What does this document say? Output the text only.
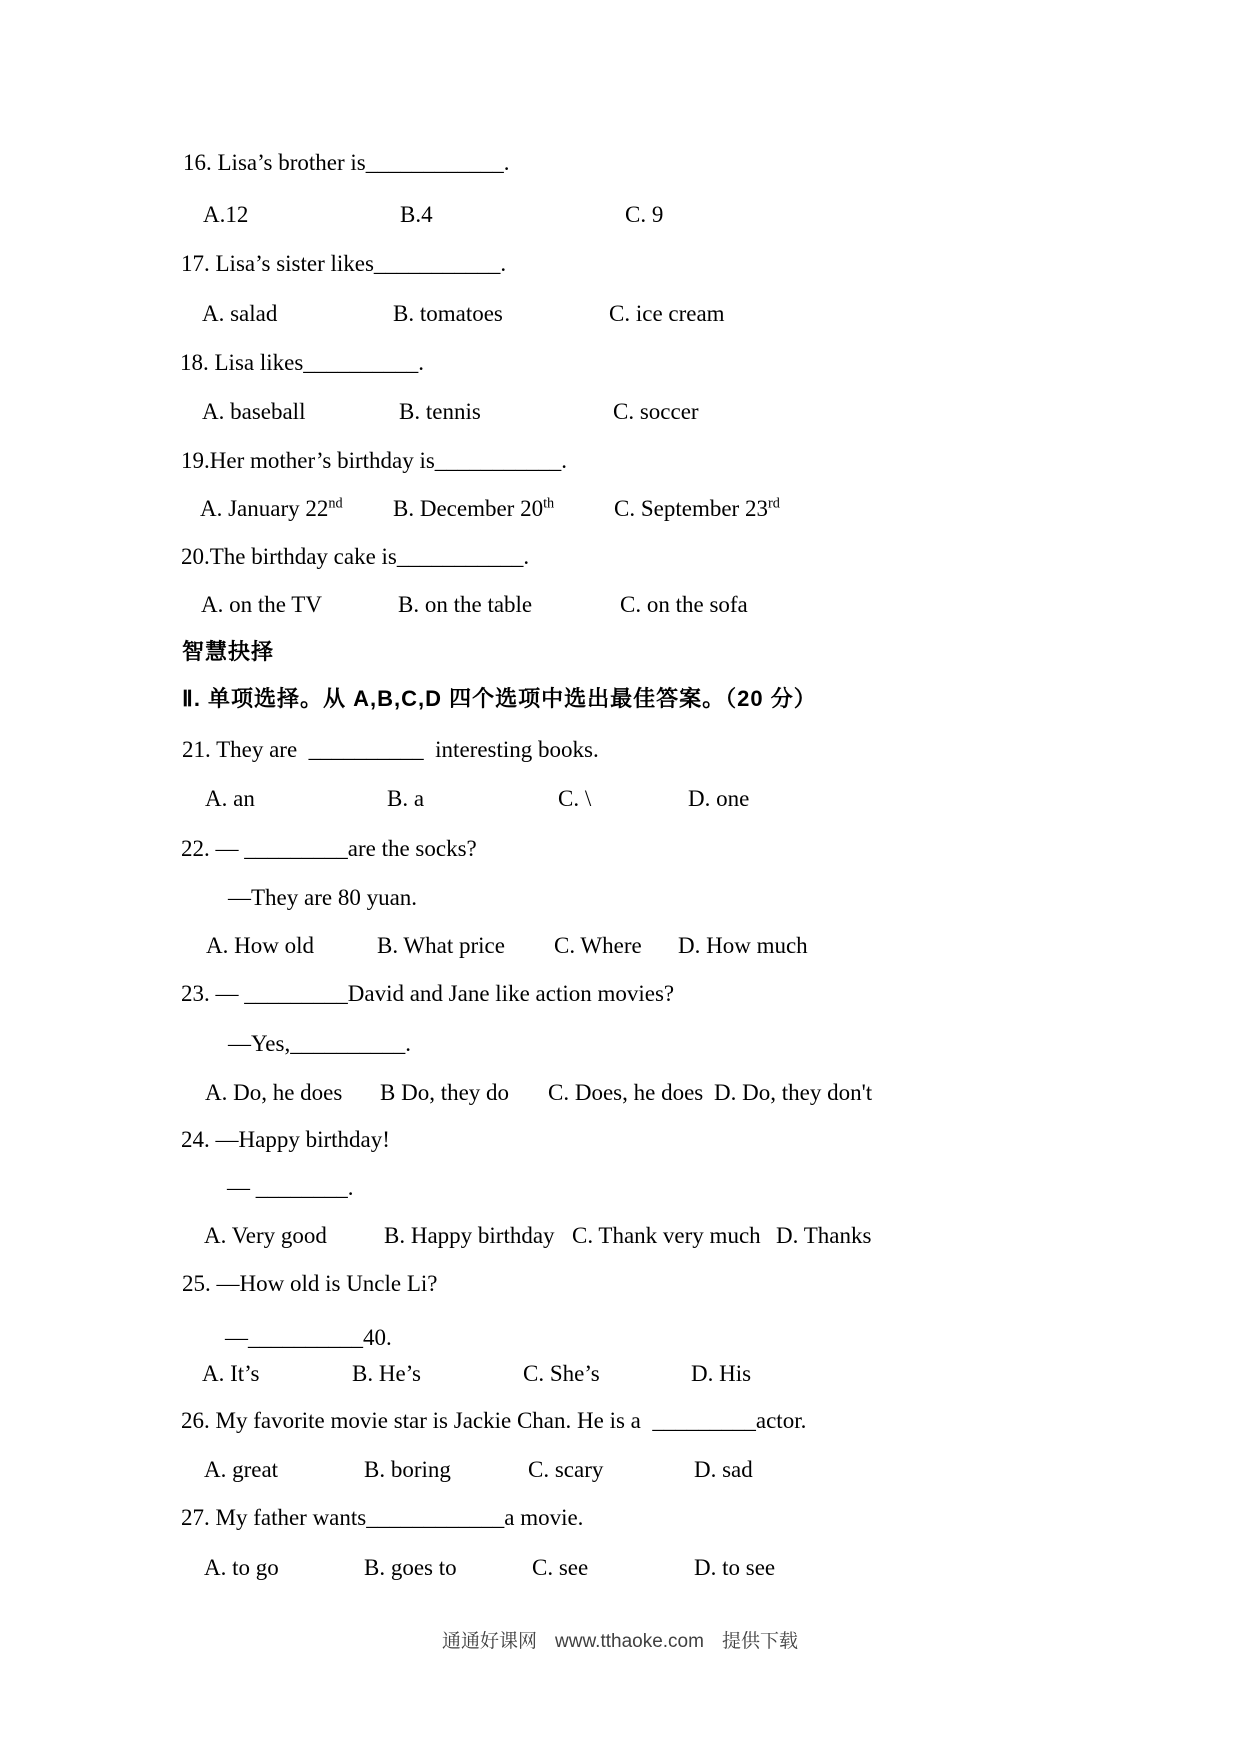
16. Lisa’s brother is____________.
A.12	B.4	C. 9
17. Lisa’s sister likes___________.
A. salad	B. tomatoes	C. ice cream
18. Lisa likes__________.
A. baseball	B. tennis	C. soccer
19.Her mother’s birthday is___________.
A. January 22nd B. December 20th	C. September 23rd
20.The birthday cake is___________.
A. on the TV	B. on the table	C. on the sofa
智慧抉择
Ⅱ. 单项选择。从 A,B,C,D 四个选项中选出最佳答案。（20 分）
21. They are  __________  interesting books.
A. an	B. a	C. \	D. one
22. — _________are the socks?
—They are 80 yuan.
A. How old	B. What price C. Where D. How much
23. — _________David and Jane like action movies?
—Yes,__________.
A. Do, he does B Do, they do C. Does, he does D. Do, they don't
24. —Happy birthday!
— ________.
A. Very good B. Happy birthday C. Thank very much D. Thanks
25. —How old is Uncle Li?
—__________40.
A. It’s	B. He’s	C. She’s	D. His
26. My favorite movie star is Jackie Chan. He is a  _________actor.
A. great	B. boring	C. scary	D. sad
27. My father wants____________a movie.
A. to go	B. goes to	C. see	D. to see
通通好课网 www.tthaoke.com 提供下载
